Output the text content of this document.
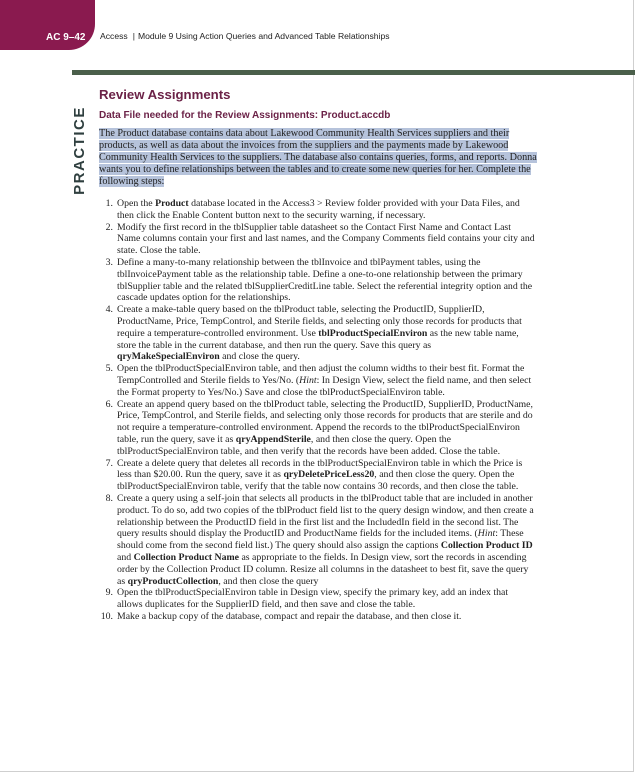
AC 9–42 Access | Module 9 Using Action Queries and Advanced Table Relationships
PRACTICE
Review Assignments
Data File needed for the Review Assignments: Product.accdb
The Product database contains data about Lakewood Community Health Services suppliers and their products, as well as data about the invoices from the suppliers and the payments made by Lakewood Community Health Services to the suppliers. The database also contains queries, forms, and reports. Donna wants you to define relationships between the tables and to create some new queries for her. Complete the following steps:
1. Open the Product database located in the Access3 > Review folder provided with your Data Files, and then click the Enable Content button next to the security warning, if necessary.
2. Modify the first record in the tblSupplier table datasheet so the Contact First Name and Contact Last Name columns contain your first and last names, and the Company Comments field contains your city and state. Close the table.
3. Define a many-to-many relationship between the tblInvoice and tblPayment tables, using the tblInvoicePayment table as the relationship table. Define a one-to-one relationship between the primary tblSupplier table and the related tblSupplierCreditLine table. Select the referential integrity option and the cascade updates option for the relationships.
4. Create a make-table query based on the tblProduct table, selecting the ProductID, SupplierID, ProductName, Price, TempControl, and Sterile fields, and selecting only those records for products that require a temperature-controlled environment. Use tblProductSpecialEnviron as the new table name, store the table in the current database, and then run the query. Save this query as qryMakeSpecialEnviron and close the query.
5. Open the tblProductSpecialEnviron table, and then adjust the column widths to their best fit. Format the TempControlled and Sterile fields to Yes/No. (Hint: In Design View, select the field name, and then select the Format property to Yes/No.) Save and close the tblProductSpecialEnviron table.
6. Create an append query based on the tblProduct table, selecting the ProductID, SupplierID, ProductName, Price, TempControl, and Sterile fields, and selecting only those records for products that are sterile and do not require a temperature-controlled environment. Append the records to the tblProductSpecialEnviron table, run the query, save it as qryAppendSterile, and then close the query. Open the tblProductSpecialEnviron table, and then verify that the records have been added. Close the table.
7. Create a delete query that deletes all records in the tblProductSpecialEnviron table in which the Price is less than $20.00. Run the query, save it as qryDeletePriceLess20, and then close the query. Open the tblProductSpecialEnviron table, verify that the table now contains 30 records, and then close the table.
8. Create a query using a self-join that selects all products in the tblProduct table that are included in another product. To do so, add two copies of the tblProduct field list to the query design window, and then create a relationship between the ProductID field in the first list and the IncludedIn field in the second list. The query results should display the ProductID and ProductName fields for the included items. (Hint: These should come from the second field list.) The query should also assign the captions Collection Product ID and Collection Product Name as appropriate to the fields. In Design view, sort the records in ascending order by the Collection Product ID column. Resize all columns in the datasheet to best fit, save the query as qryProductCollection, and then close the query
9. Open the tblProductSpecialEnviron table in Design view, specify the primary key, add an index that allows duplicates for the SupplierID field, and then save and close the table.
10. Make a backup copy of the database, compact and repair the database, and then close it.
